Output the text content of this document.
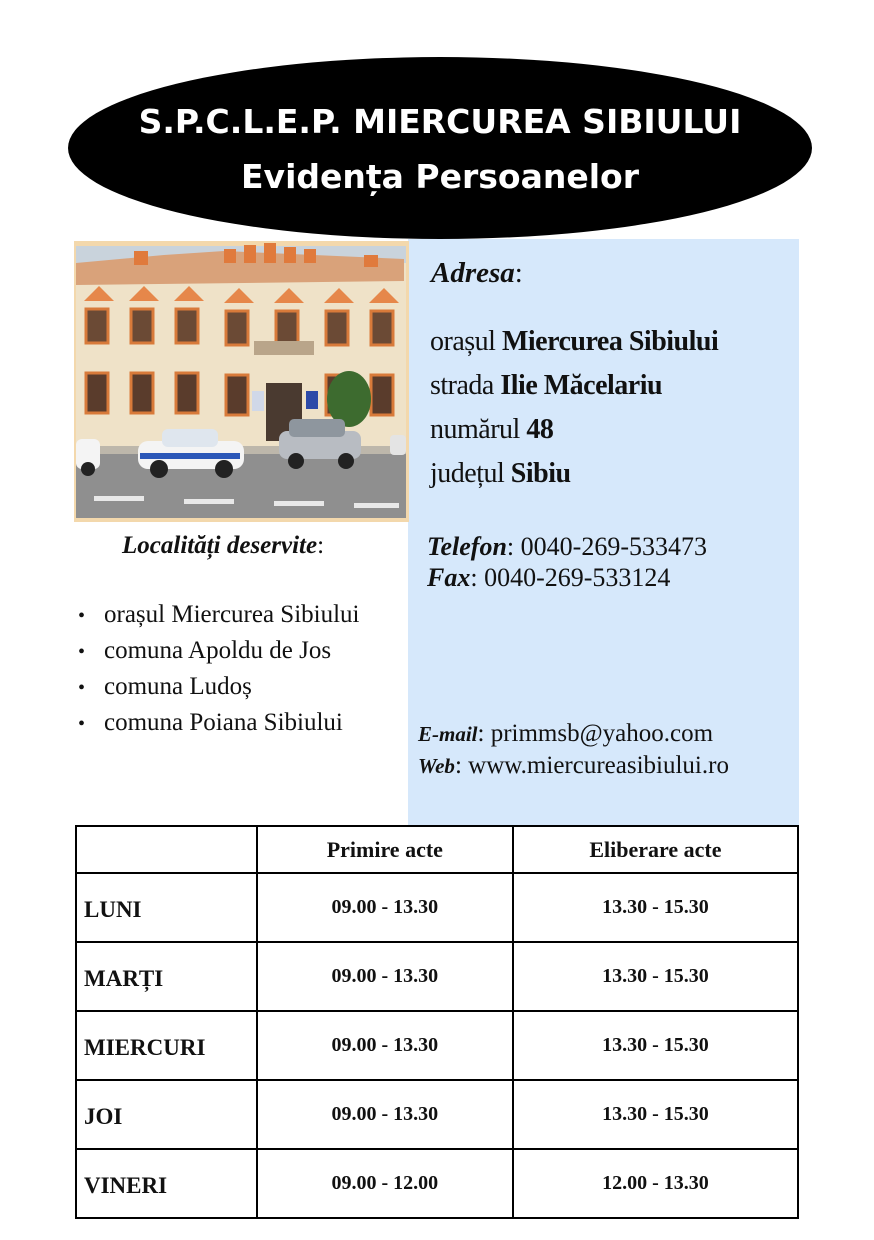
S.P.C.L.E.P. MIERCUREA SIBIULUI
Evidența Persoanelor
Adresa:
orașul Miercurea Sibiului
strada Ilie Măcelariu
numărul 48
județul Sibiu
Telefon: 0040-269-533473
Fax: 0040-269-533124
E-mail: primmsb@yahoo.com
Web: www.miercureasibiului.ro
Localități deservite:
• orașul Miercurea Sibiului
• comuna Apoldu de Jos
• comuna Ludoș
• comuna Poiana Sibiului
	Primire acte	Eliberare acte
LUNI	09.00 - 13.30	13.30 - 15.30
MARȚI	09.00 - 13.30	13.30 - 15.30
MIERCURI	09.00 - 13.30	13.30 - 15.30
JOI	09.00 - 13.30	13.30 - 15.30
VINERI	09.00 - 12.00	12.00 - 13.30
